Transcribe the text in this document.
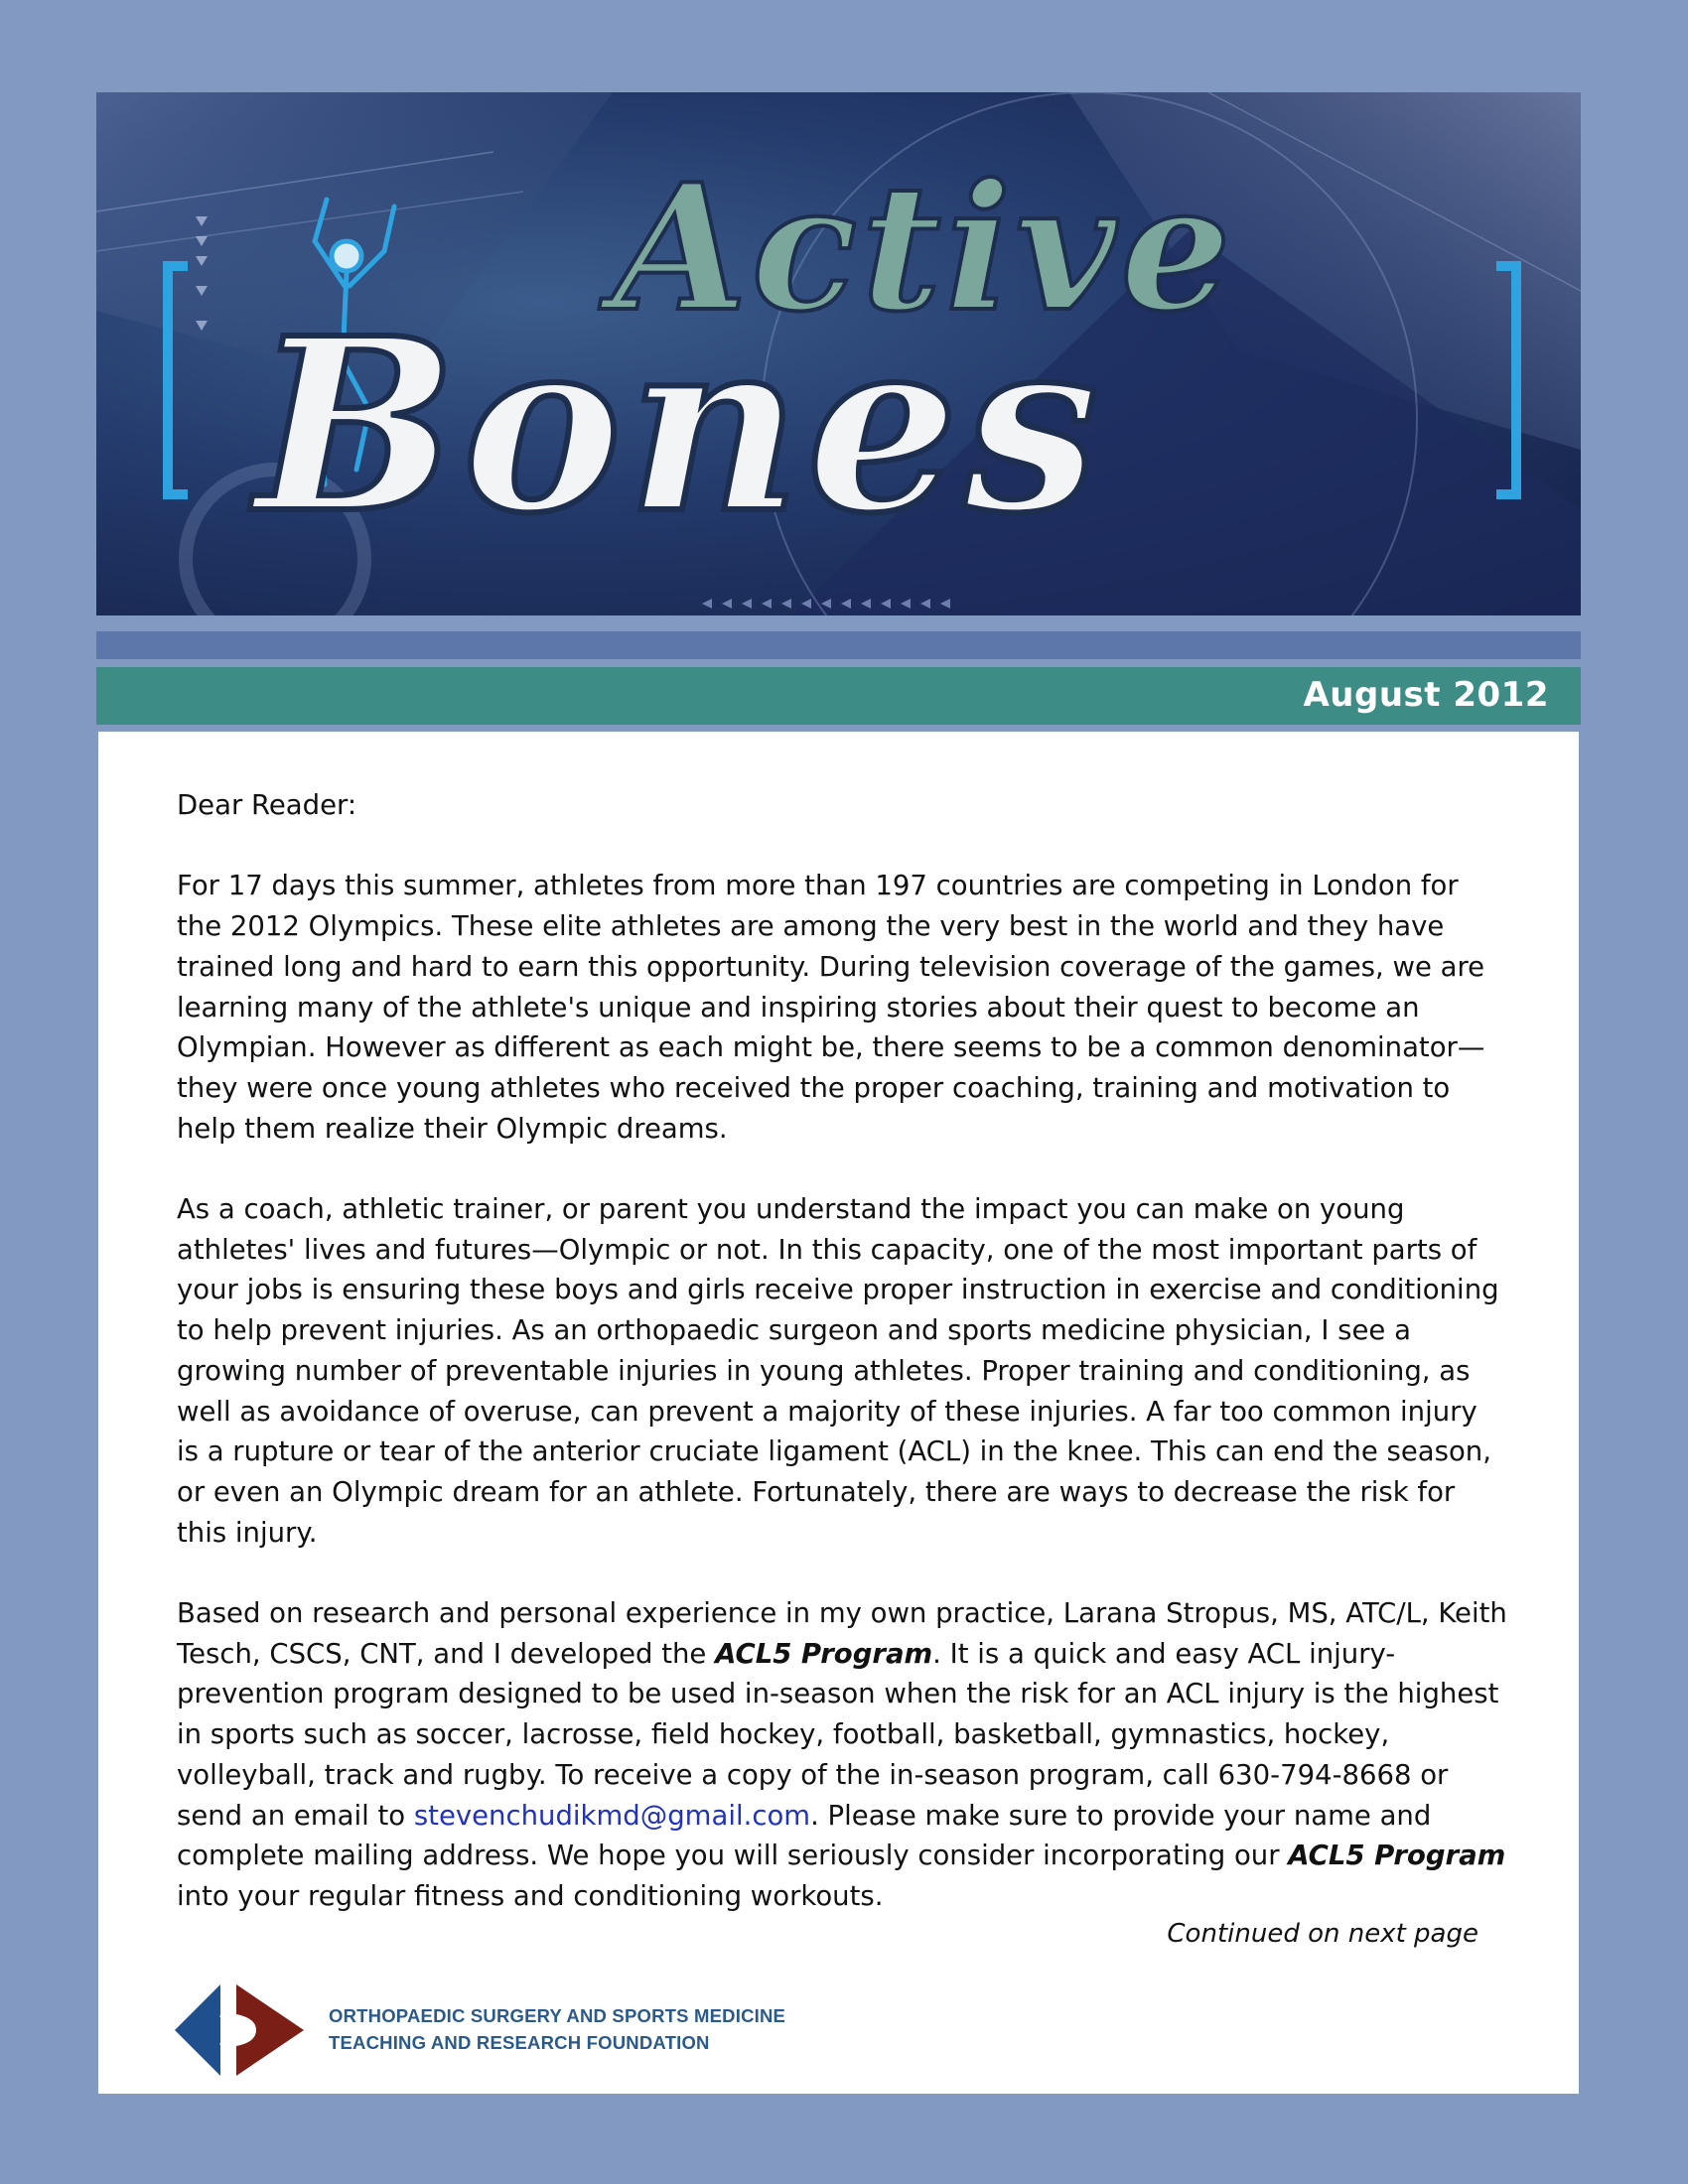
Active
Bones
August 2012

Dear Reader:

For 17 days this summer, athletes from more than 197 countries are competing in London for the 2012 Olympics. These elite athletes are among the very best in the world and they have trained long and hard to earn this opportunity. During television coverage of the games, we are learning many of the athlete's unique and inspiring stories about their quest to become an Olympian. However as different as each might be, there seems to be a common denominator—they were once young athletes who received the proper coaching, training and motivation to help them realize their Olympic dreams.

As a coach, athletic trainer, or parent you understand the impact you can make on young athletes' lives and futures—Olympic or not. In this capacity, one of the most important parts of your jobs is ensuring these boys and girls receive proper instruction in exercise and conditioning to help prevent injuries. As an orthopaedic surgeon and sports medicine physician, I see a growing number of preventable injuries in young athletes. Proper training and conditioning, as well as avoidance of overuse, can prevent a majority of these injuries. A far too common injury is a rupture or tear of the anterior cruciate ligament (ACL) in the knee. This can end the season, or even an Olympic dream for an athlete. Fortunately, there are ways to decrease the risk for this injury.

Based on research and personal experience in my own practice, Larana Stropus, MS, ATC/L, Keith Tesch, CSCS, CNT, and I developed the ACL5 Program. It is a quick and easy ACL injury-prevention program designed to be used in-season when the risk for an ACL injury is the highest in sports such as soccer, lacrosse, field hockey, football, basketball, gymnastics, hockey, volleyball, track and rugby. To receive a copy of the in-season program, call 630-794-8668 or send an email to stevenchudikmd@gmail.com. Please make sure to provide your name and complete mailing address. We hope you will seriously consider incorporating our ACL5 Program into your regular fitness and conditioning workouts.

Continued on next page
ORTHOPAEDIC SURGERY AND SPORTS MEDICINE
TEACHING AND RESEARCH FOUNDATION
